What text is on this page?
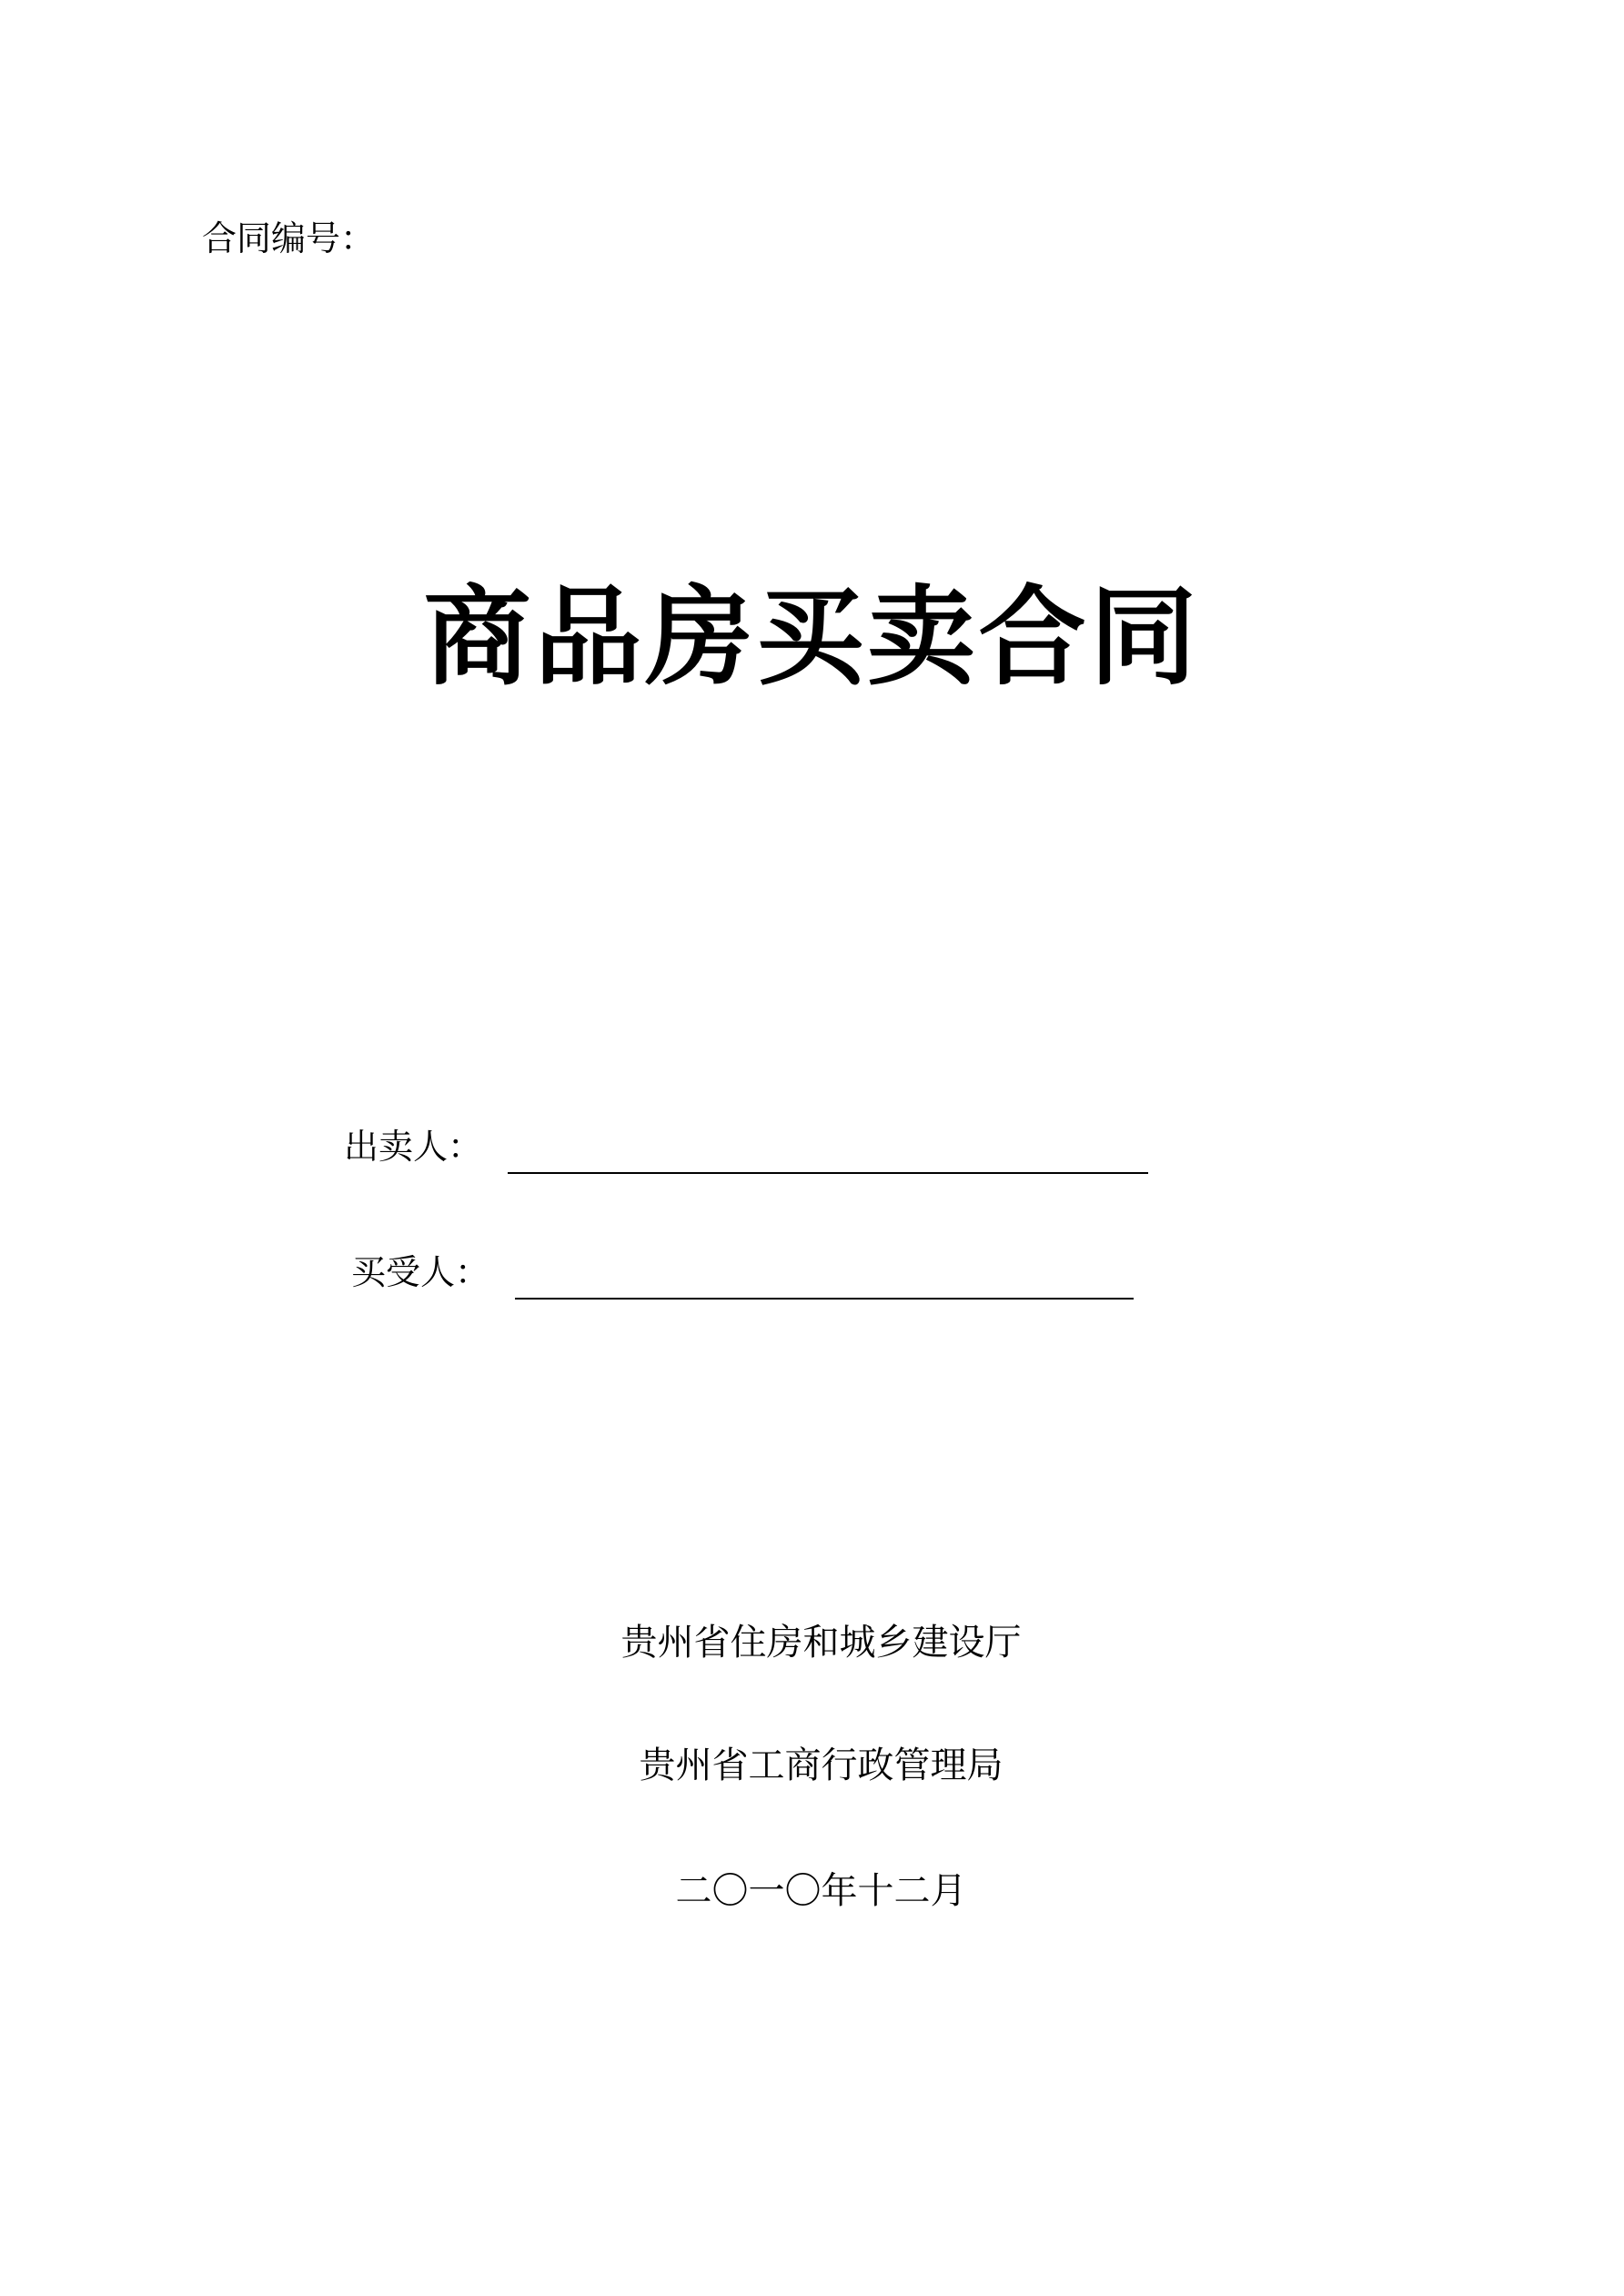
合同编号：
商品房买卖合同
出卖人：
买受人：
贵州省住房和城乡建设厅
贵州省工商行政管理局
二〇一〇年十二月
